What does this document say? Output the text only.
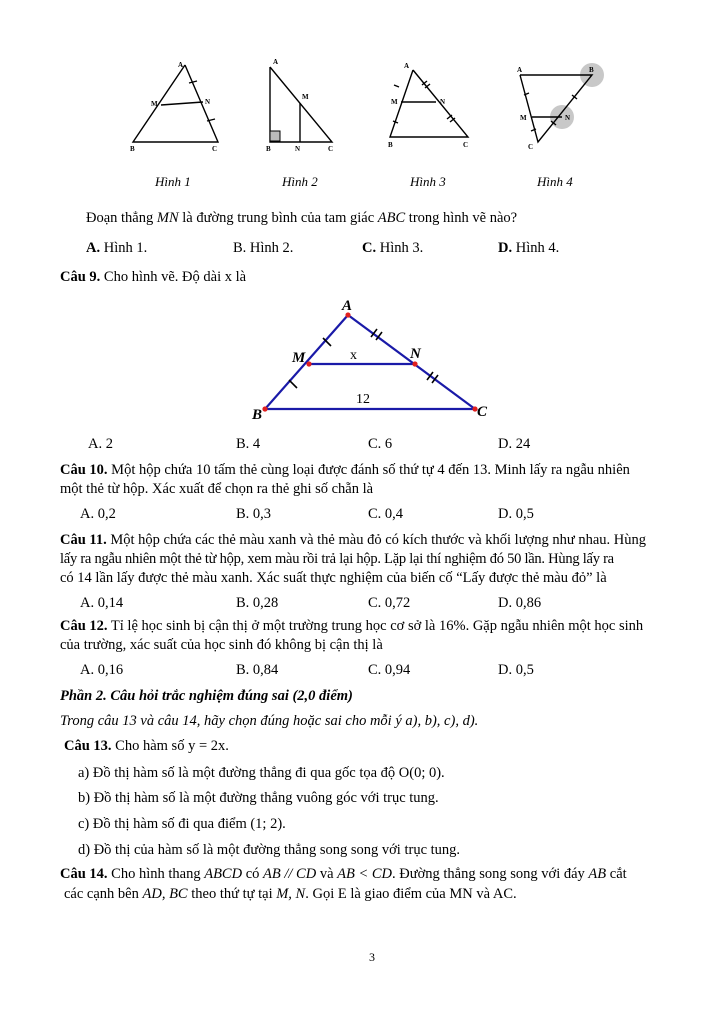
A
M	N
B	C
A
M
B	N	C
A
M	N
B	C
A	B
M	N
C
Hình 1	Hình 2	Hình 3	Hình 4
Đoạn thẳng MN là đường trung bình của tam giác ABC trong hình vẽ nào?
A. Hình 1.	B. Hình 2.	C. Hình 3.	D. Hình 4.
Câu 9. Cho hình vẽ. Độ dài x là
A
M	N
B	C
x
12
A. 2	B. 4	C. 6	D. 24
Câu 10. Một hộp chứa 10 tấm thẻ cùng loại được đánh số thứ tự 4 đến 13. Minh lấy ra ngẫu nhiên
một thẻ từ hộp. Xác xuất để chọn ra thẻ ghi số chẵn là
A. 0,2	B. 0,3	C. 0,4	D. 0,5
Câu 11. Một hộp chứa các thẻ màu xanh và thẻ màu đỏ có kích thước và khối lượng như nhau. Hùng
lấy ra ngẫu nhiên một thẻ từ hộp, xem màu rồi trả lại hộp. Lặp lại thí nghiệm đó 50 lần. Hùng lấy ra
có 14 lần lấy được thẻ màu xanh. Xác suất thực nghiệm của biến cố “Lấy được thẻ màu đỏ” là
A. 0,14	B. 0,28	C. 0,72	D. 0,86
Câu 12. Tỉ lệ học sinh bị cận thị ở một trường trung học cơ sở là 16%. Gặp ngẫu nhiên một học sinh
của trường, xác suất của học sinh đó không bị cận thị là
A. 0,16	B. 0,84	C. 0,94	D. 0,5
Phần 2. Câu hỏi trắc nghiệm đúng sai (2,0 điểm)
Trong câu 13 và câu 14, hãy chọn đúng hoặc sai cho mỗi ý a), b), c), d).
Câu 13. Cho hàm số y = 2x.
a) Đồ thị hàm số là một đường thẳng đi qua gốc tọa độ O(0; 0).
b) Đồ thị hàm số là một đường thẳng vuông góc với trục tung.
c) Đồ thị hàm số đi qua điểm (1; 2).
d) Đồ thị của hàm số là một đường thẳng song song với trục tung.
Câu 14. Cho hình thang ABCD có AB // CD và AB < CD. Đường thẳng song song với đáy AB cắt
các cạnh bên AD, BC theo thứ tự tại M, N. Gọi E là giao điểm của MN và AC.
3
